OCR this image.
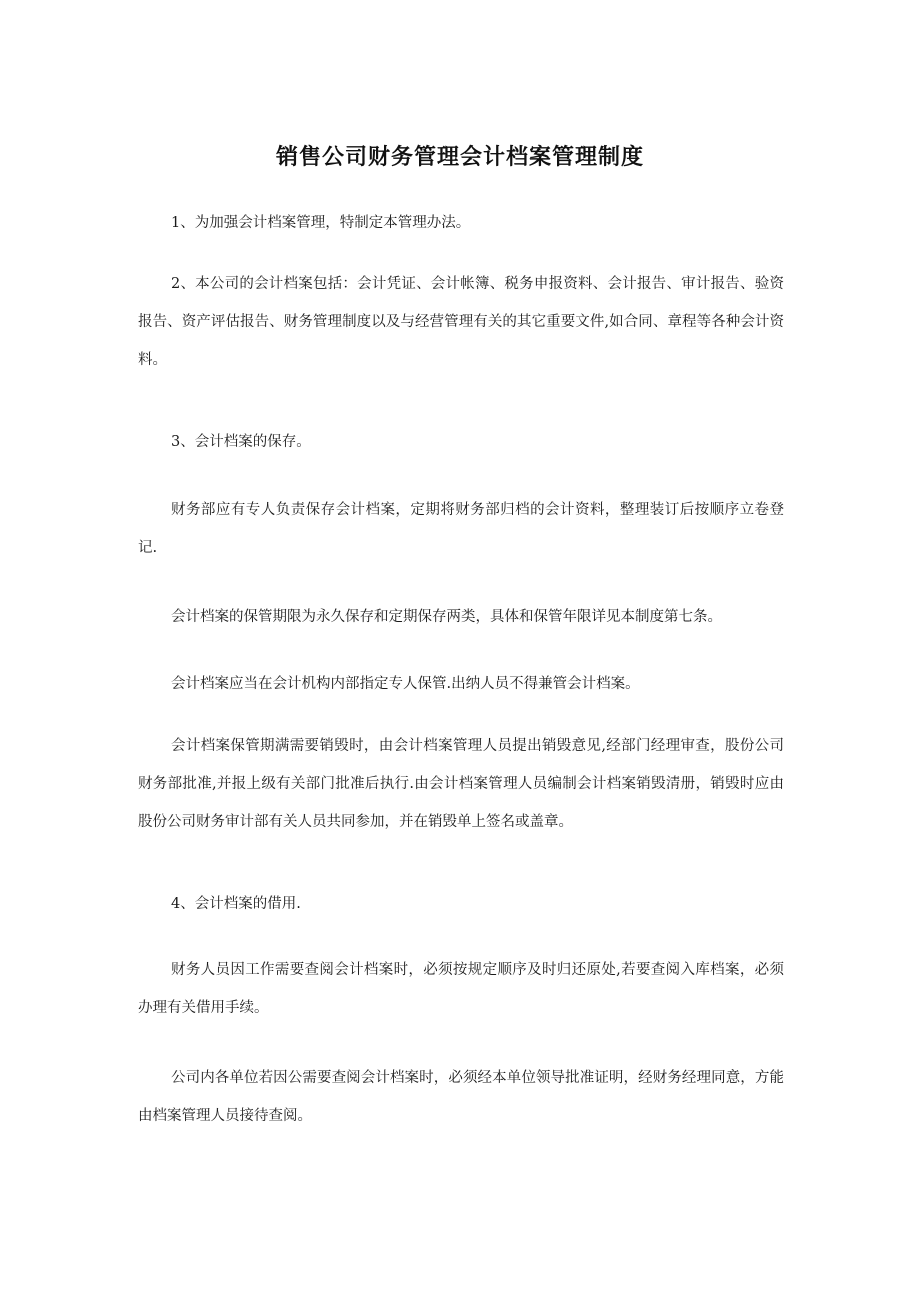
销售公司财务管理会计档案管理制度

1、为加强会计档案管理，特制定本管理办法。

2、本公司的会计档案包括：会计凭证、会计帐簿、税务申报资料、会计报告、审计报告、验资报告、资产评估报告、财务管理制度以及与经营管理有关的其它重要文件,如合同、章程等各种会计资料。

3、会计档案的保存。

财务部应有专人负责保存会计档案，定期将财务部归档的会计资料，整理装订后按顺序立卷登记.

会计档案的保管期限为永久保存和定期保存两类，具体和保管年限详见本制度第七条。

会计档案应当在会计机构内部指定专人保管.出纳人员不得兼管会计档案。

会计档案保管期满需要销毁时，由会计档案管理人员提出销毁意见,经部门经理审查，股份公司财务部批准,并报上级有关部门批准后执行.由会计档案管理人员编制会计档案销毁清册，销毁时应由股份公司财务审计部有关人员共同参加，并在销毁单上签名或盖章。

4、会计档案的借用.

财务人员因工作需要查阅会计档案时，必须按规定顺序及时归还原处,若要查阅入库档案，必须办理有关借用手续。

公司内各单位若因公需要查阅会计档案时，必须经本单位领导批准证明，经财务经理同意，方能由档案管理人员接待查阅。
